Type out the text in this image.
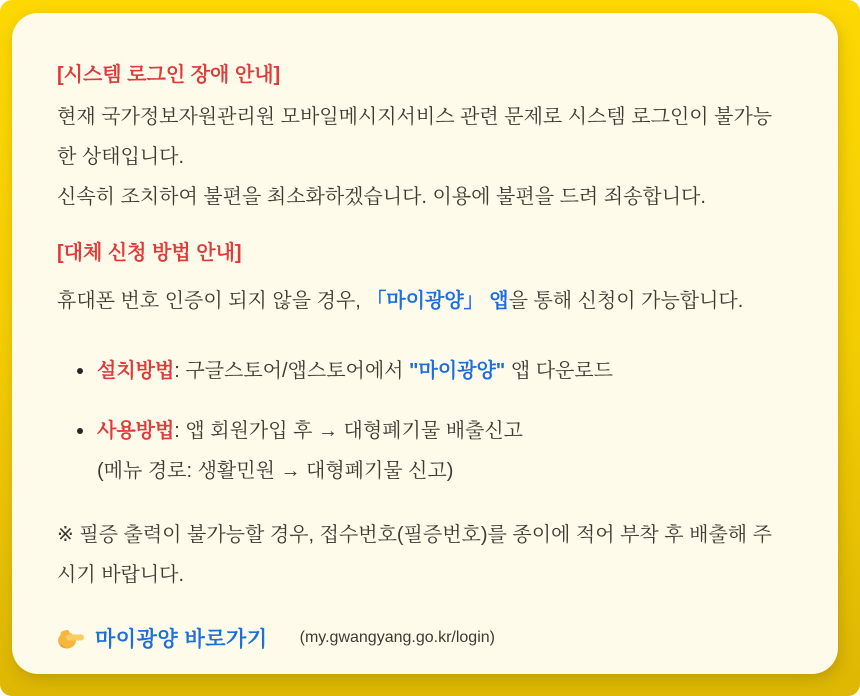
[시스템 로그인 장애 안내]

현재 국가정보자원관리원 모바일메시지서비스 관련 문제로 시스템 로그인이 불가능
한 상태입니다.
신속히 조치하여 불편을 최소화하겠습니다. 이용에 불편을 드려 죄송합니다.

[대체 신청 방법 안내]

휴대폰 번호 인증이 되지 않을 경우, 「마이광양」 앱을 통해 신청이 가능합니다.

설치방법: 구글스토어/앱스토어에서 "마이광양" 앱 다운로드
사용방법: 앱 회원가입 후 → 대형폐기물 배출신고
(메뉴 경로: 생활민원 → 대형폐기물 신고)

※ 필증 출력이 불가능할 경우, 접수번호(필증번호)를 종이에 적어 부착 후 배출해 주
시기 바랍니다.

마이광양 바로가기 (my.gwangyang.go.kr/login)
